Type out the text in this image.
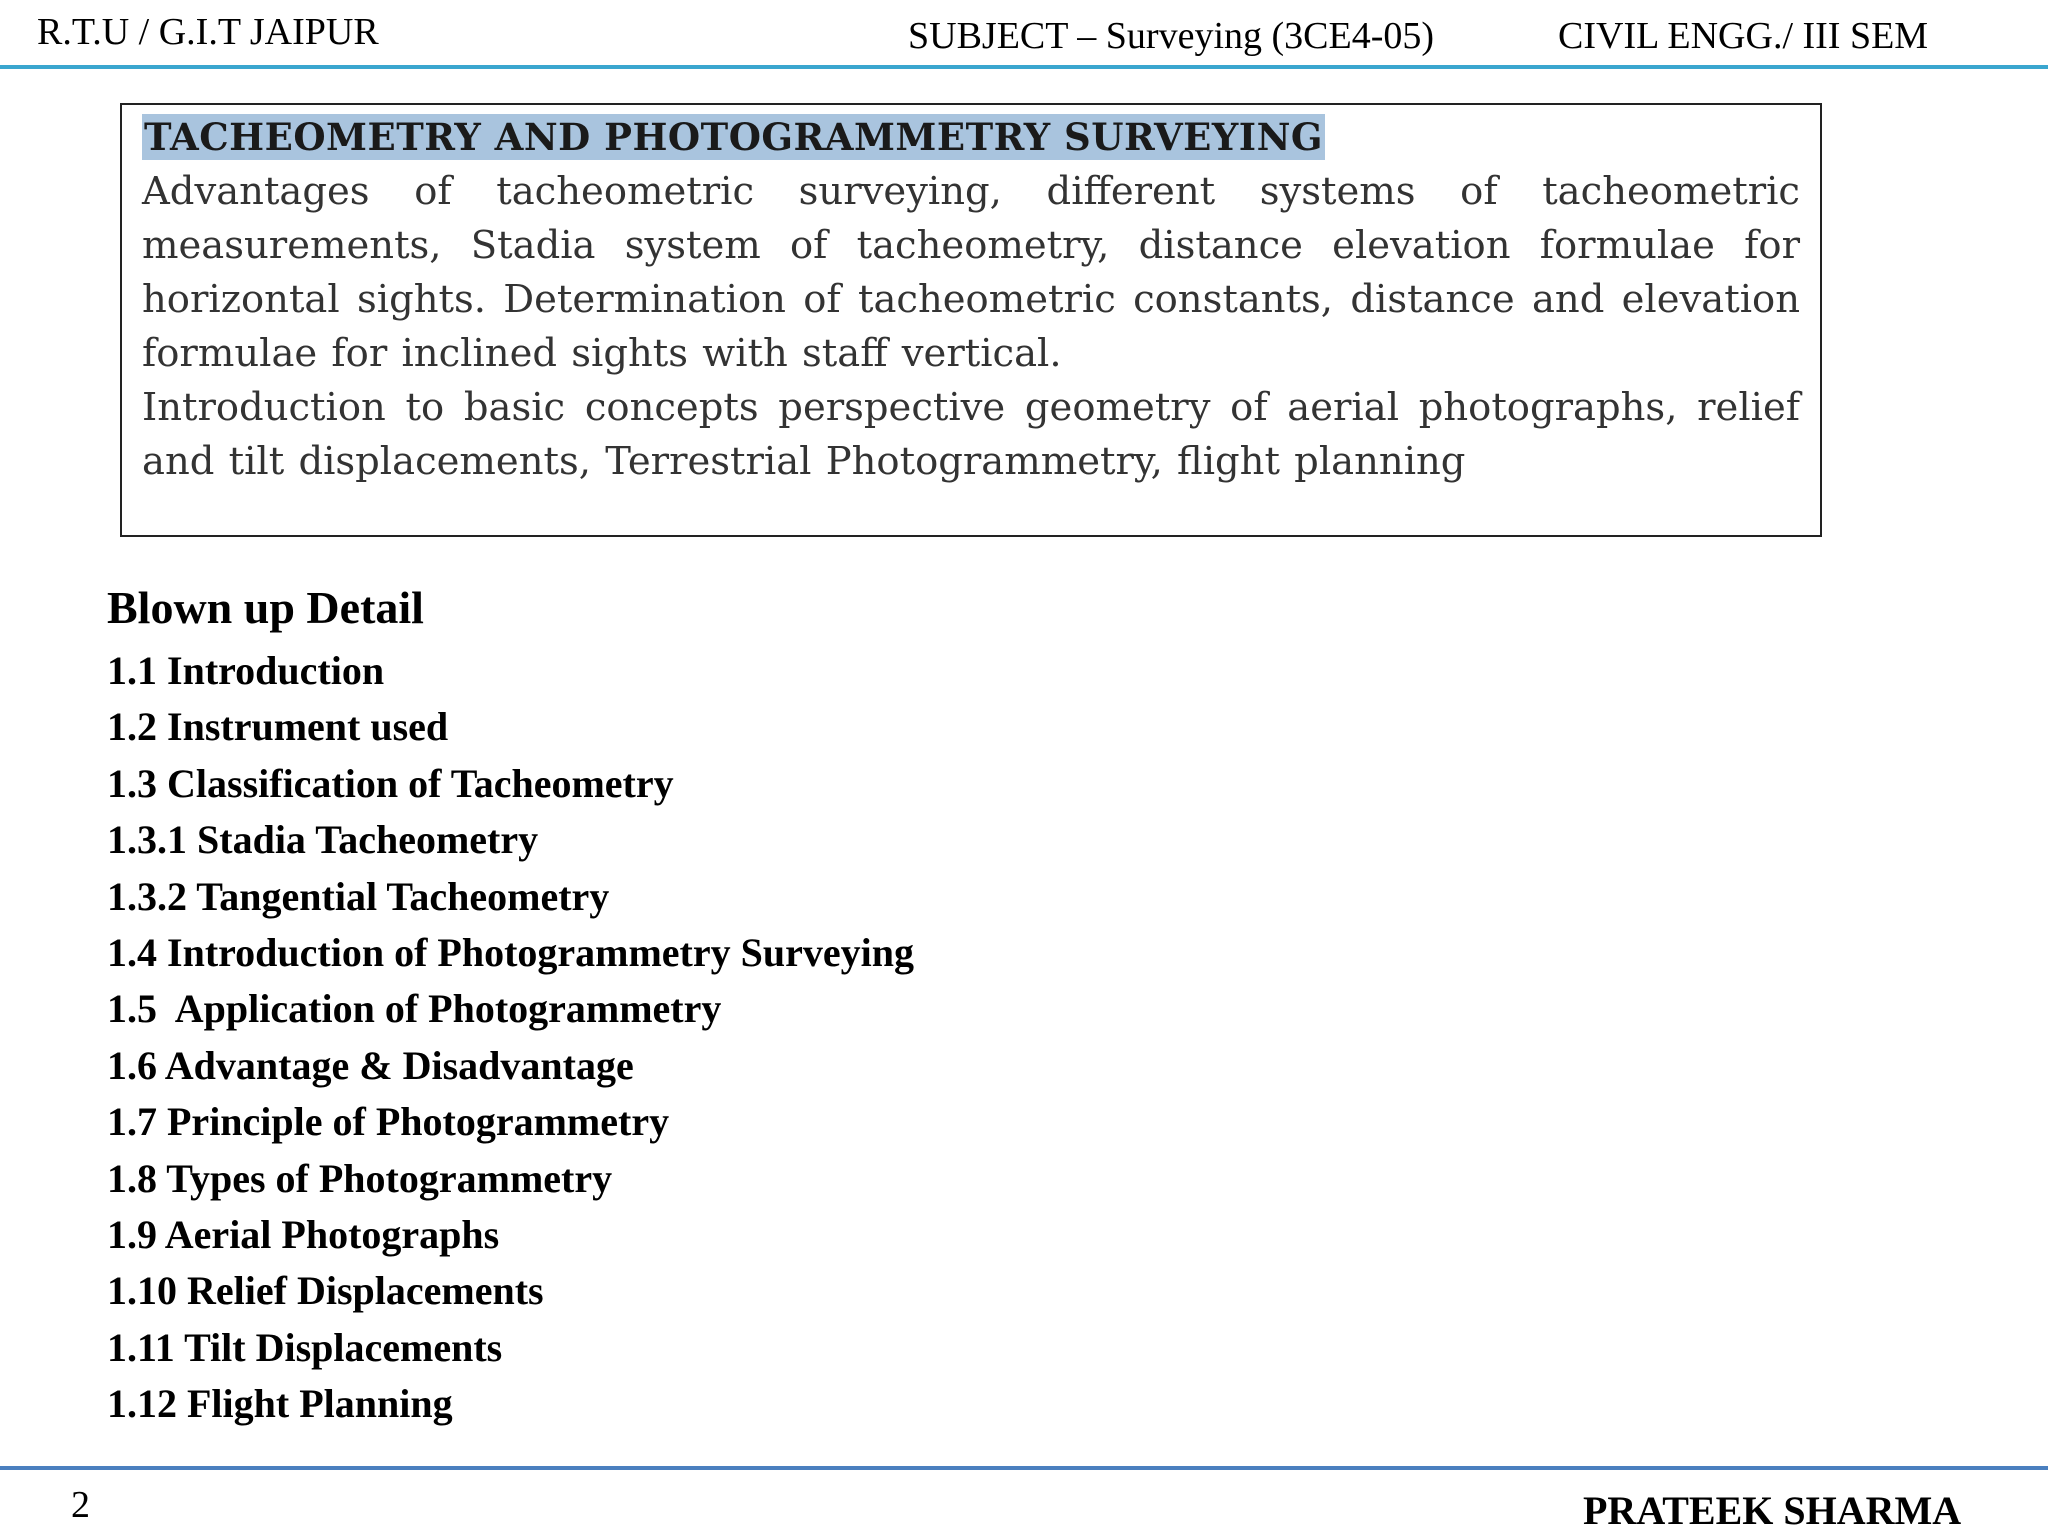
R.T.U / G.I.T JAIPUR	SUBJECT – Surveying (3CE4-05)	CIVIL ENGG./ III SEM
TACHEOMETRY AND PHOTOGRAMMETRY SURVEYING

Advantages of tacheometric surveying, different systems of tacheometric measurements, Stadia system of tacheometry, distance elevation formulae for horizontal sights. Determination of tacheometric constants, distance and elevation formulae for inclined sights with staff vertical.

Introduction to basic concepts perspective geometry of aerial photographs, relief and tilt displacements, Terrestrial Photogrammetry, flight planning

Blown up Detail
1.1 Introduction
1.2 Instrument used
1.3 Classification of Tacheometry
1.3.1 Stadia Tacheometry
1.3.2 Tangential Tacheometry
1.4 Introduction of Photogrammetry Surveying
1.5  Application of Photogrammetry
1.6 Advantage & Disadvantage
1.7 Principle of Photogrammetry
1.8 Types of Photogrammetry
1.9 Aerial Photographs
1.10 Relief Displacements
1.11 Tilt Displacements
1.12 Flight Planning
2	PRATEEK SHARMA
